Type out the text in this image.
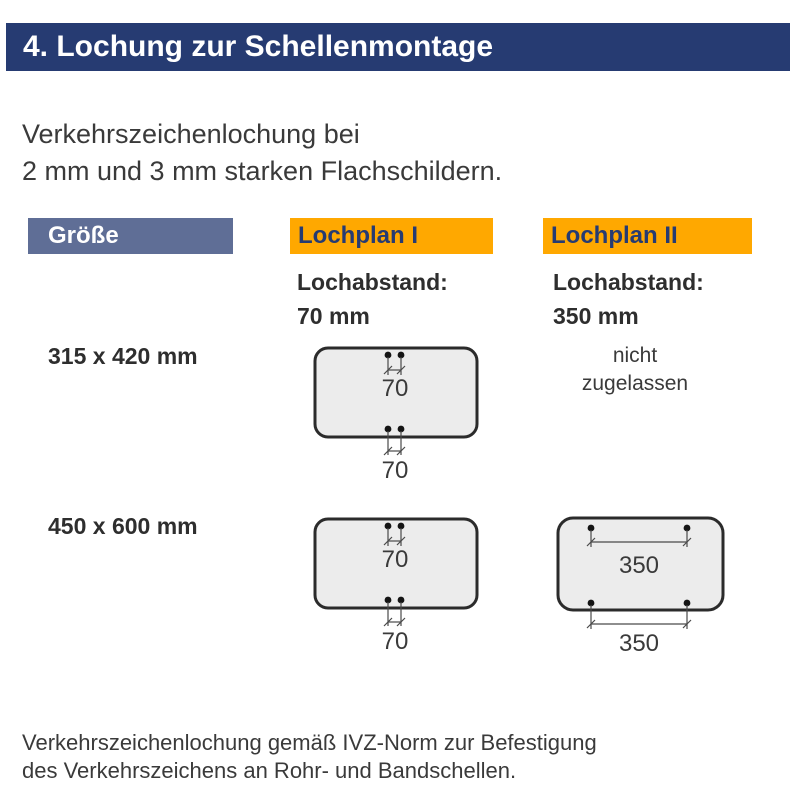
4. Lochung zur Schellenmontage
Verkehrszeichenlochung bei
2 mm und 3 mm starken Flachschildern.
Größe	Lochplan I	Lochplan II
Lochabstand:
70 mm
Lochabstand:
350 mm
315 x 420 mm
70
70
nicht
zugelassen
450 x 600 mm
70
70
350
350
Verkehrszeichenlochung gemäß IVZ-Norm zur Befestigung
des Verkehrszeichens an Rohr- und Bandschellen.
